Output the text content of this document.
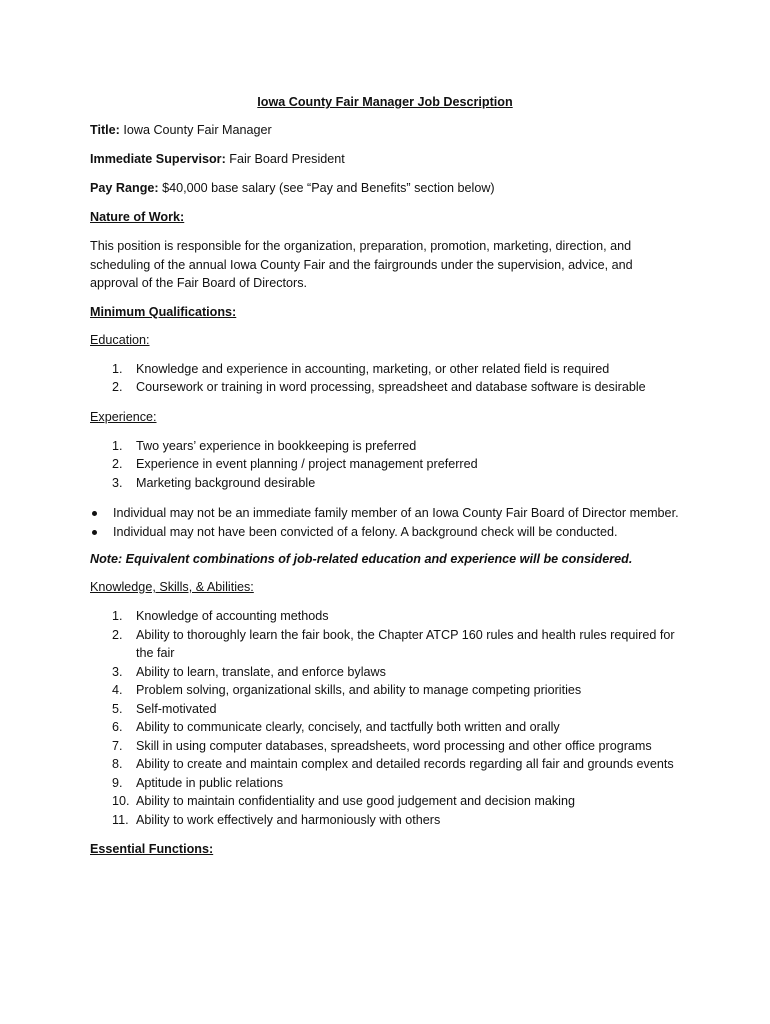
Iowa County Fair Manager Job Description
Title: Iowa County Fair Manager
Immediate Supervisor: Fair Board President
Pay Range: $40,000 base salary (see “Pay and Benefits” section below)
Nature of Work:
This position is responsible for the organization, preparation, promotion, marketing, direction, and scheduling of the annual Iowa County Fair and the fairgrounds under the supervision, advice, and approval of the Fair Board of Directors.
Minimum Qualifications:
Education:
1.	Knowledge and experience in accounting, marketing, or other related field is required
2.	Coursework or training in word processing, spreadsheet and database software is desirable
Experience:
1.	Two years’ experience in bookkeeping is preferred
2.	Experience in event planning / project management preferred
3.	Marketing background desirable
Individual may not be an immediate family member of an Iowa County Fair Board of Director member.
Individual may not have been convicted of a felony. A background check will be conducted.
Note: Equivalent combinations of job-related education and experience will be considered.
Knowledge, Skills, & Abilities:
1.	Knowledge of accounting methods
2.	Ability to thoroughly learn the fair book, the Chapter ATCP 160 rules and health rules required for the fair
3.	Ability to learn, translate, and enforce bylaws
4.	Problem solving, organizational skills, and ability to manage competing priorities
5.	Self-motivated
6.	Ability to communicate clearly, concisely, and tactfully both written and orally
7.	Skill in using computer databases, spreadsheets, word processing and other office programs
8.	Ability to create and maintain complex and detailed records regarding all fair and grounds events
9.	Aptitude in public relations
10. Ability to maintain confidentiality and use good judgement and decision making
11. Ability to work effectively and harmoniously with others
Essential Functions:
